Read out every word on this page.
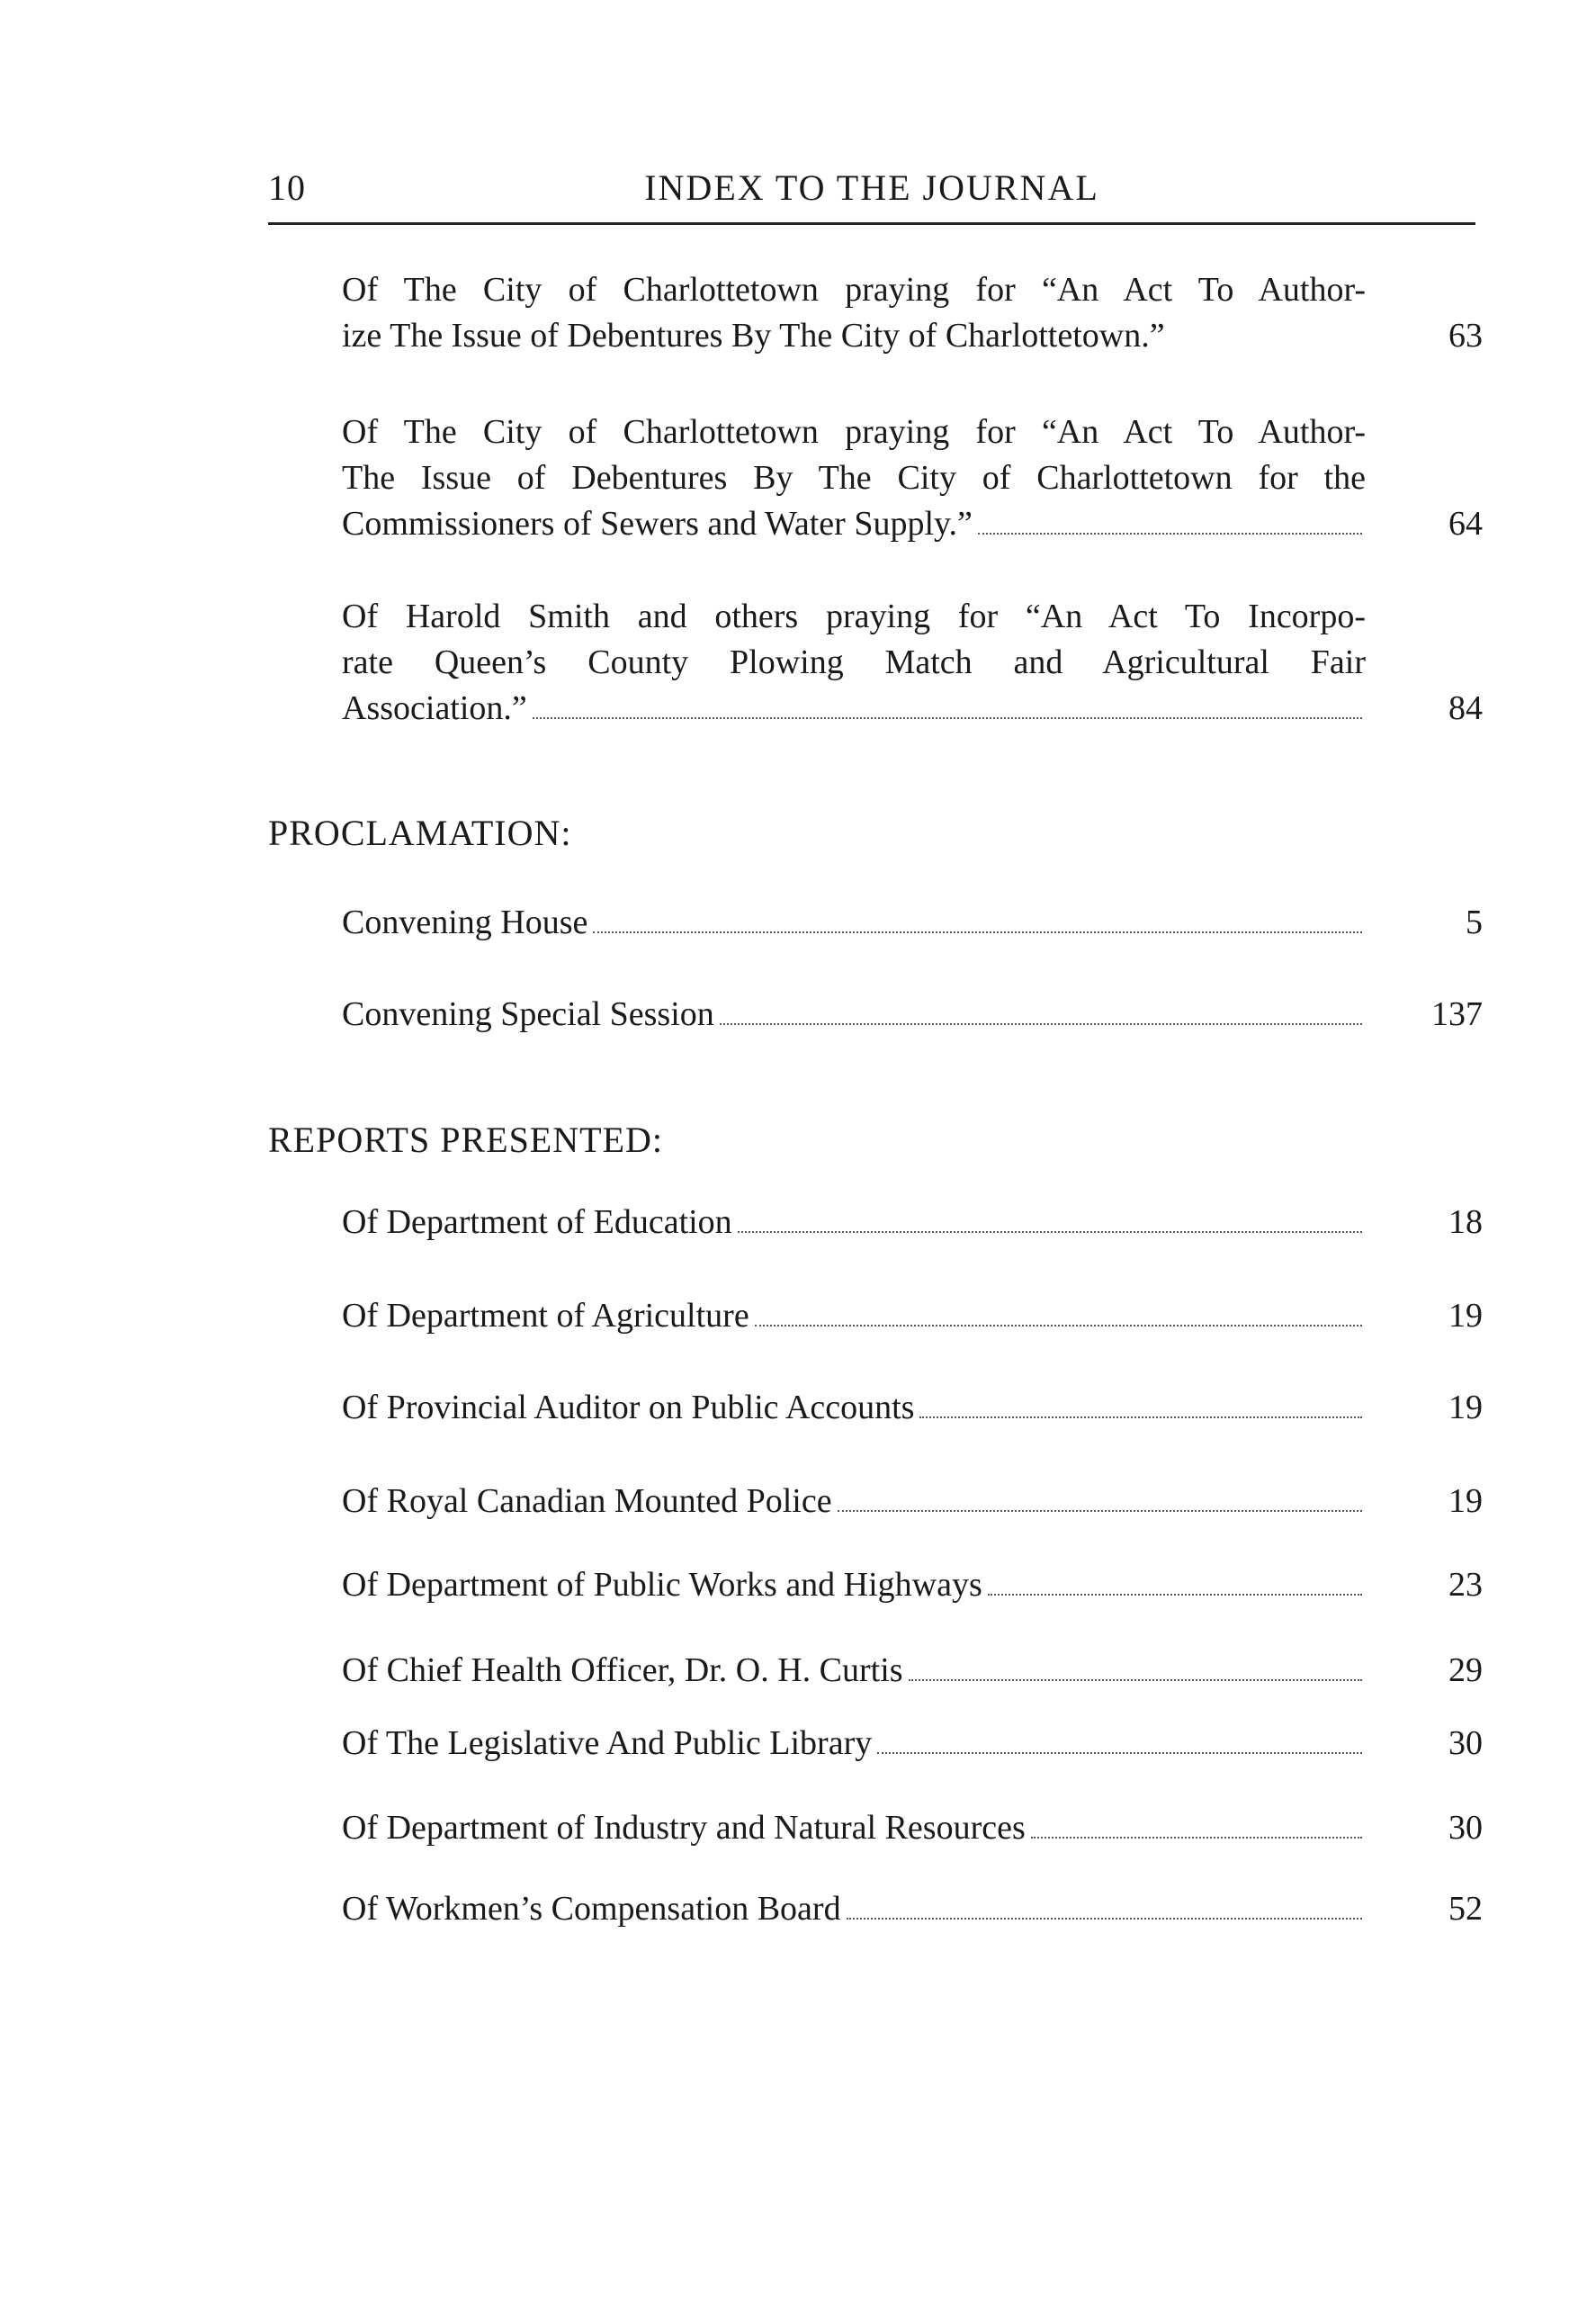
10	INDEX TO THE JOURNAL
Of The City of Charlottetown praying for “An Act To Author-
ize The Issue of Debentures By The City of Charlottetown.”	63
Of The City of Charlottetown praying for “An Act To Author-
The Issue of Debentures By The City of Charlottetown for the
Commissioners of Sewers and Water Supply.”	64
Of Harold Smith and others praying for “An Act To Incorpo-
rate Queen’s County Plowing Match and Agricultural Fair
Association.”	84
PROCLAMATION:
Convening House	5
Convening Special Session	137
REPORTS PRESENTED:
Of Department of Education	18
Of Department of Agriculture	19
Of Provincial Auditor on Public Accounts	19
Of Royal Canadian Mounted Police	19
Of Department of Public Works and Highways	23
Of Chief Health Officer, Dr. O. H. Curtis	29
Of The Legislative And Public Library	30
Of Department of Industry and Natural Resources	30
Of Workmen’s Compensation Board	52
